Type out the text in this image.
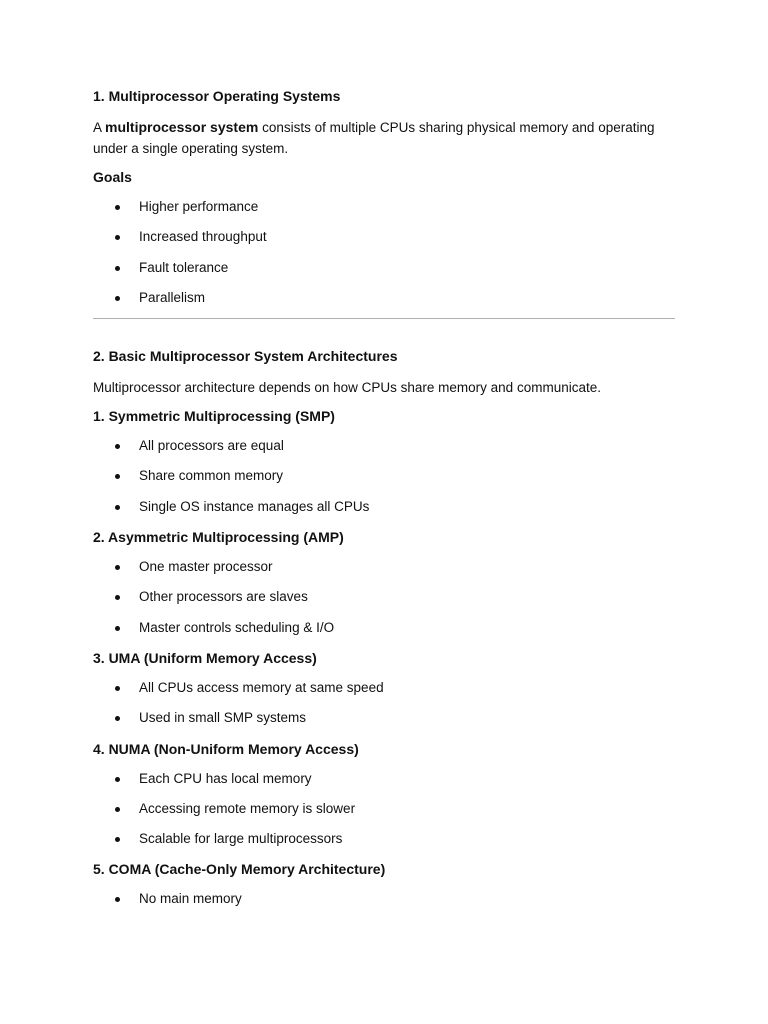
1. Multiprocessor Operating Systems

A multiprocessor system consists of multiple CPUs sharing physical memory and operating under a single operating system.

Goals
Higher performance
Increased throughput
Fault tolerance
Parallelism
2. Basic Multiprocessor System Architectures

Multiprocessor architecture depends on how CPUs share memory and communicate.

1. Symmetric Multiprocessing (SMP)
All processors are equal
Share common memory
Single OS instance manages all CPUs
2. Asymmetric Multiprocessing (AMP)
One master processor
Other processors are slaves
Master controls scheduling & I/O
3. UMA (Uniform Memory Access)
All CPUs access memory at same speed
Used in small SMP systems
4. NUMA (Non-Uniform Memory Access)
Each CPU has local memory
Accessing remote memory is slower
Scalable for large multiprocessors
5. COMA (Cache-Only Memory Architecture)
No main memory
